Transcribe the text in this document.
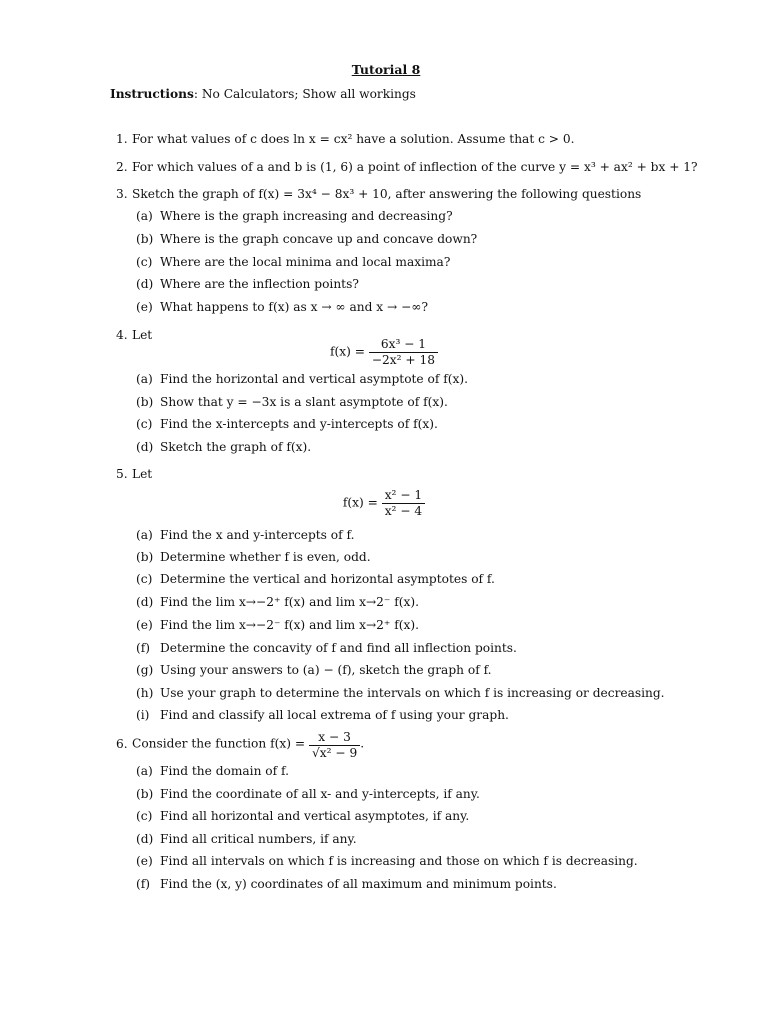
Tutorial 8
Instructions: No Calculators; Show all workings
1. For what values of c does ln x = cx² have a solution. Assume that c > 0.
2. For which values of a and b is (1, 6) a point of inflection of the curve y = x³ + ax² + bx + 1?
3. Sketch the graph of f(x) = 3x⁴ − 8x³ + 10, after answering the following questions
(a) Where is the graph increasing and decreasing?
(b) Where is the graph concave up and concave down?
(c) Where are the local minima and local maxima?
(d) Where are the inflection points?
(e) What happens to f(x) as x → ∞ and x → −∞?
4. Let
$f(x) = \frac{\text{6x³ − 1}}{\text{−2x² + 18}}$
(a) Find the horizontal and vertical asymptote of f(x).
(b) Show that y = −3x is a slant asymptote of f(x).
(c) Find the x-intercepts and y-intercepts of f(x).
(d) Sketch the graph of f(x).
5. Let
$f(x) = \frac{\text{x² − 1}}{\text{x² − 4}}$
(a) Find the x and y-intercepts of f.
(b) Determine whether f is even, odd.
(c) Determine the vertical and horizontal asymptotes of f.
(d) Find the lim x→−2⁺ f(x) and lim x→2⁻ f(x).
(e) Find the lim x→−2⁻ f(x) and lim x→2⁺ f(x).
(f) Determine the concavity of f and find all inflection points.
(g) Using your answers to (a) − (f), sketch the graph of f.
(h) Use your graph to determine the intervals on which f is increasing or decreasing.
(i) Find and classify all local extrema of f using your graph.
6. Consider the function $f(x) = \frac{x - 3}{\text{√x² − 9}}$ .
(a) Find the domain of f.
(b) Find the coordinate of all x- and y-intercepts, if any.
(c) Find all horizontal and vertical asymptotes, if any.
(d) Find all critical numbers, if any.
(e) Find all intervals on which f is increasing and those on which f is decreasing.
(f) Find the (x, y) coordinates of all maximum and minimum points.
